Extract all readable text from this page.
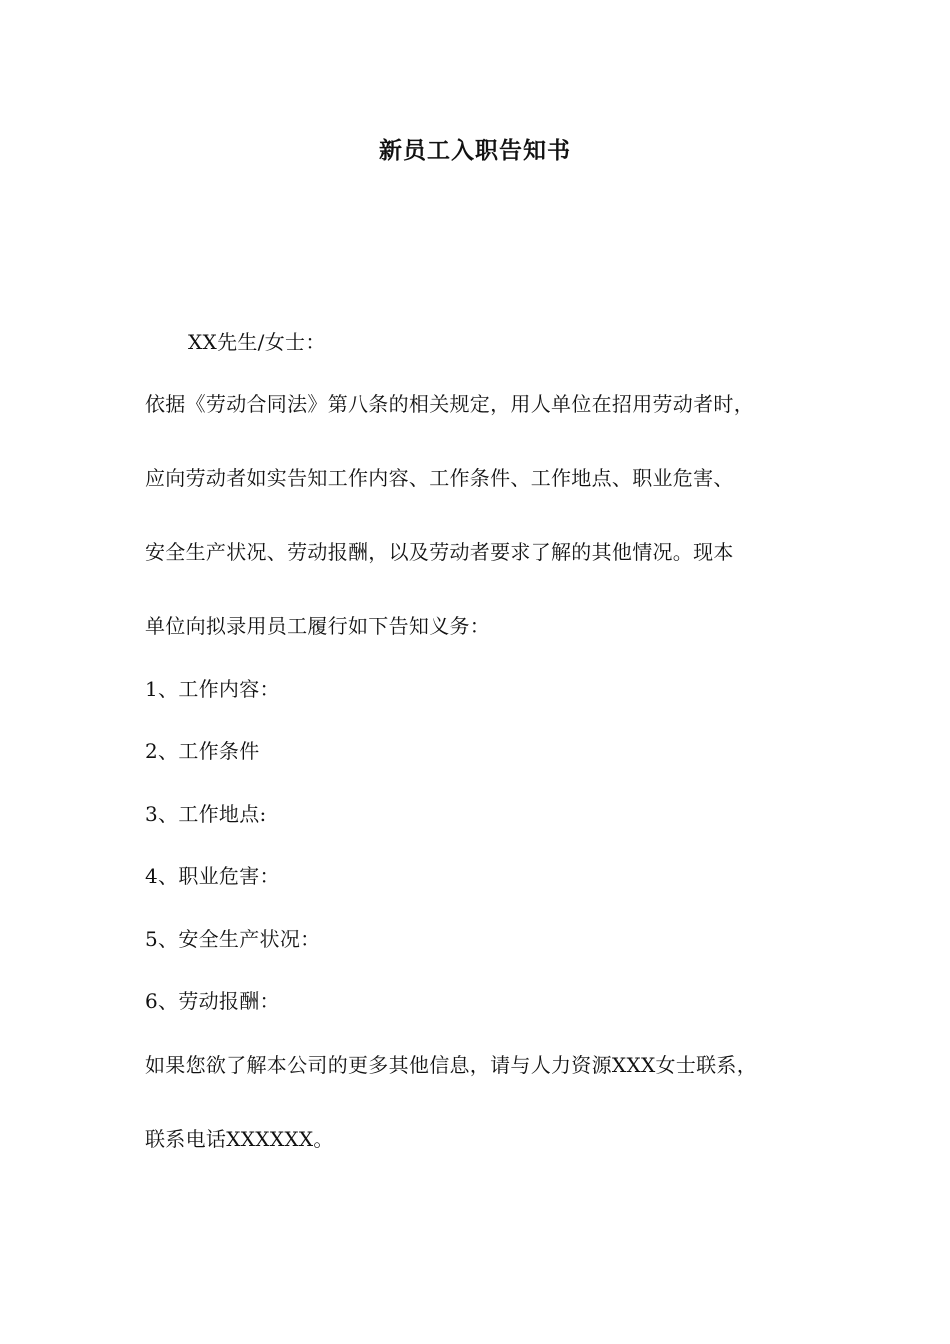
新员工入职告知书
XX先生/女士：
依据《劳动合同法》第八条的相关规定，用人单位在招用劳动者时，
应向劳动者如实告知工作内容、工作条件、工作地点、职业危害、
安全生产状况、劳动报酬，以及劳动者要求了解的其他情况。现本
单位向拟录用员工履行如下告知义务：
1、工作内容：
2、工作条件
3、工作地点:
4、职业危害：
5、安全生产状况：
6、劳动报酬：
如果您欲了解本公司的更多其他信息，请与人力资源XXX女士联系，
联系电话XXXXXX。
